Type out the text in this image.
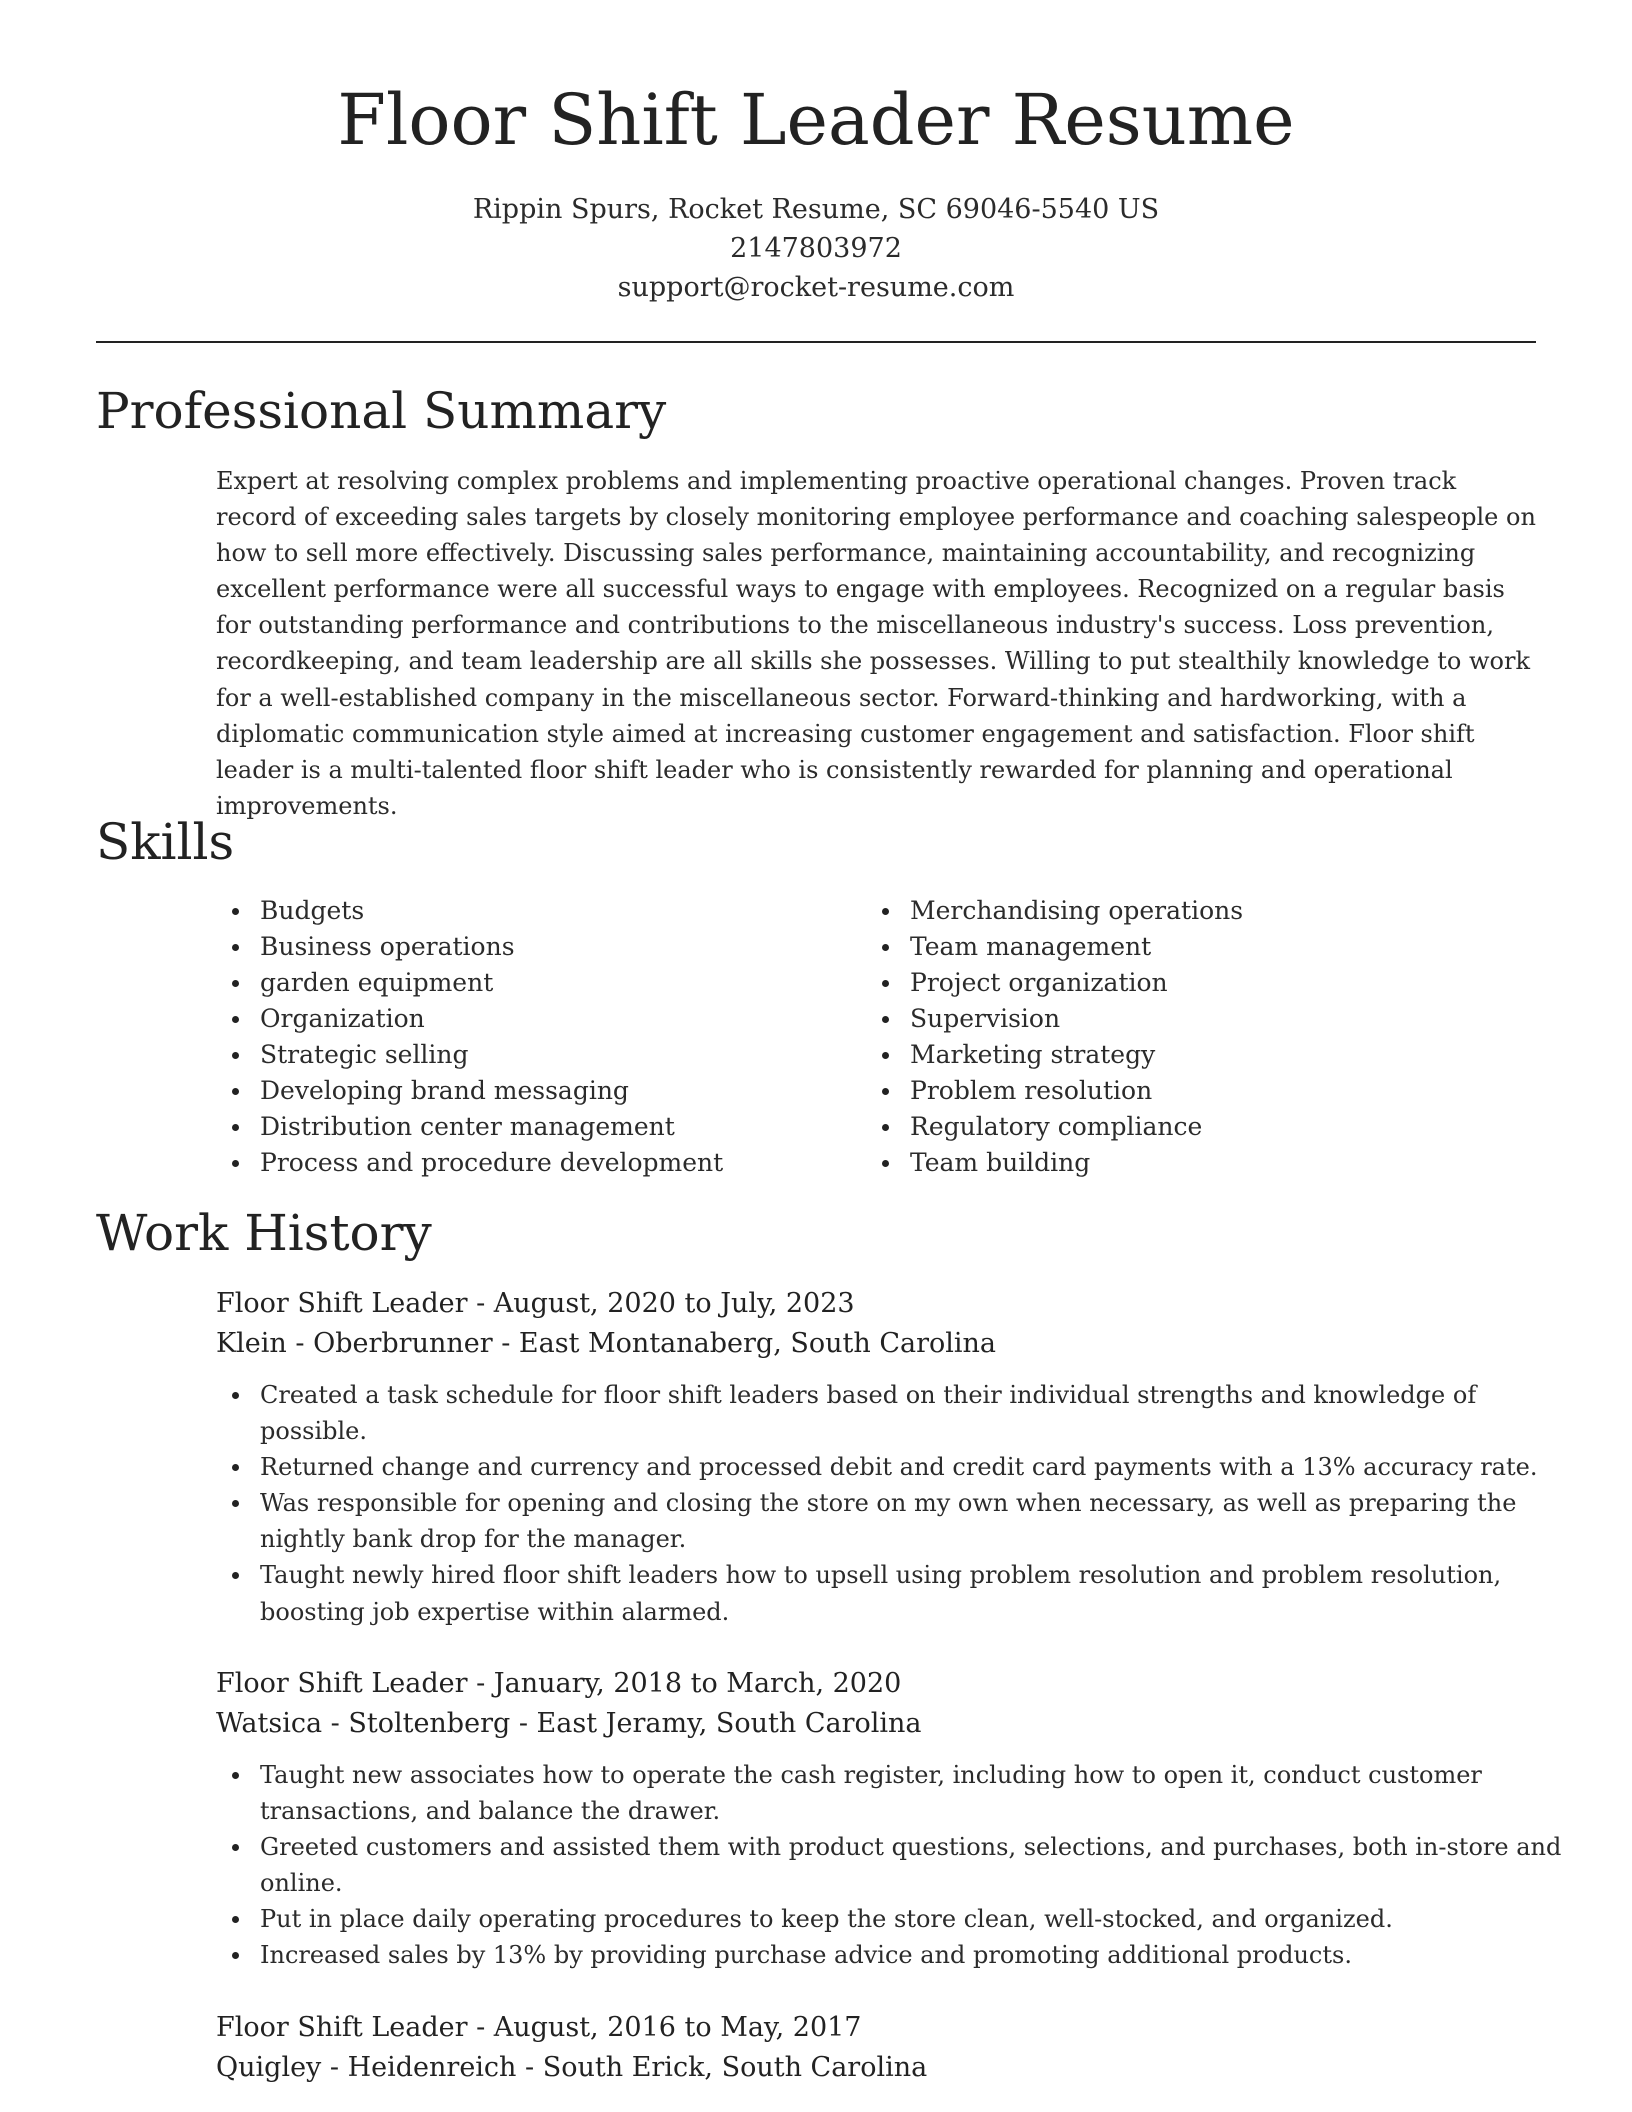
Floor Shift Leader Resume
Rippin Spurs, Rocket Resume, SC 69046-5540 US
2147803972
support@rocket-resume.com
Professional Summary

Expert at resolving complex problems and implementing proactive operational changes. Proven track record of exceeding sales targets by closely monitoring employee performance and coaching salespeople on how to sell more effectively. Discussing sales performance, maintaining accountability, and recognizing excellent performance were all successful ways to engage with employees. Recognized on a regular basis for outstanding performance and contributions to the miscellaneous industry's success. Loss prevention, recordkeeping, and team leadership are all skills she possesses. Willing to put stealthily knowledge to work for a well-established company in the miscellaneous sector. Forward-thinking and hardworking, with a diplomatic communication style aimed at increasing customer engagement and satisfaction. Floor shift leader is a multi-talented floor shift leader who is consistently rewarded for planning and operational improvements.

Skills
Budgets
Business operations
garden equipment
Organization
Strategic selling
Developing brand messaging
Distribution center management
Process and procedure development
Merchandising operations
Team management
Project organization
Supervision
Marketing strategy
Problem resolution
Regulatory compliance
Team building
Work History
Floor Shift Leader - August, 2020 to July, 2023
Klein - Oberbrunner - East Montanaberg, South Carolina
Created a task schedule for floor shift leaders based on their individual strengths and knowledge of possible.
Returned change and currency and processed debit and credit card payments with a 13% accuracy rate.
Was responsible for opening and closing the store on my own when necessary, as well as preparing the nightly bank drop for the manager.
Taught newly hired floor shift leaders how to upsell using problem resolution and problem resolution, boosting job expertise within alarmed.
Floor Shift Leader - January, 2018 to March, 2020
Watsica - Stoltenberg - East Jeramy, South Carolina
Taught new associates how to operate the cash register, including how to open it, conduct customer transactions, and balance the drawer.
Greeted customers and assisted them with product questions, selections, and purchases, both in-store and online.
Put in place daily operating procedures to keep the store clean, well-stocked, and organized.
Increased sales by 13% by providing purchase advice and promoting additional products.
Floor Shift Leader - August, 2016 to May, 2017
Quigley - Heidenreich - South Erick, South Carolina
